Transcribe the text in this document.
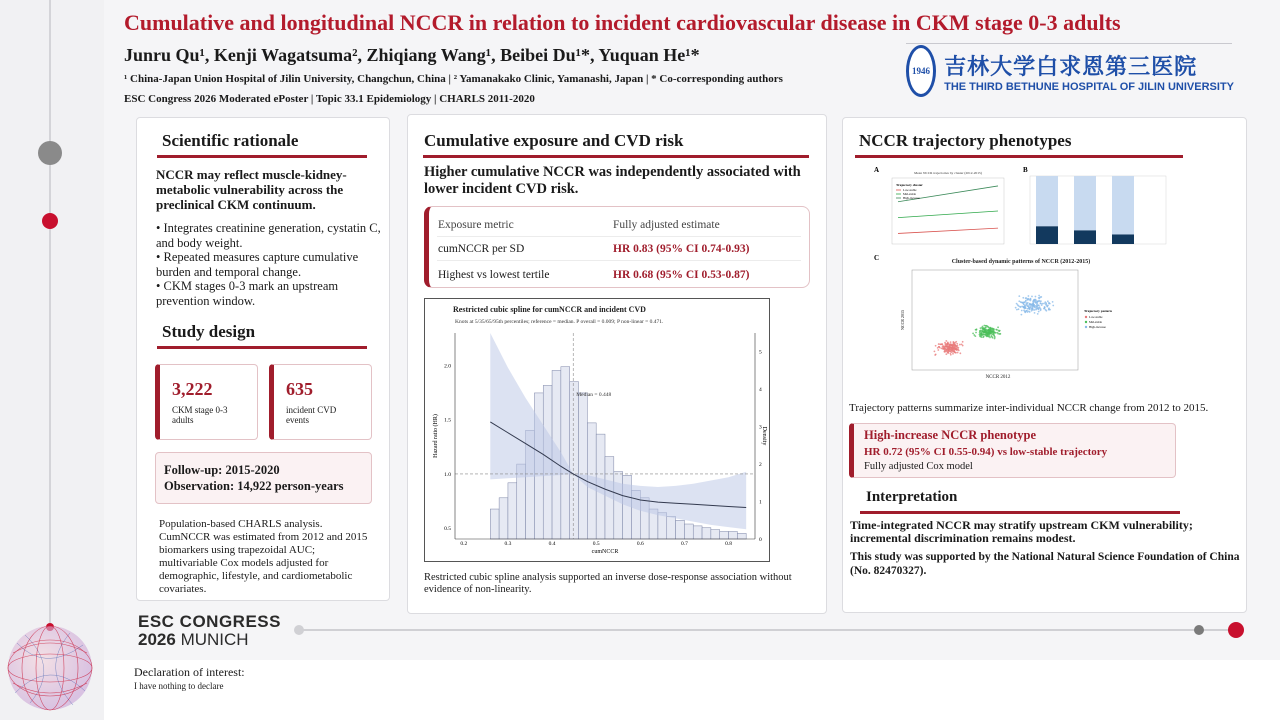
Cumulative and longitudinal NCCR in relation to incident cardiovascular disease in CKM stage 0-3 adults
Junru Qu¹, Kenji Wagatsuma², Zhiqiang Wang¹, Beibei Du¹*, Yuquan He¹*
¹ China-Japan Union Hospital of Jilin University, Changchun, China | ² Yamanakako Clinic, Yamanashi, Japan | * Co-corresponding authors
ESC Congress 2026 Moderated ePoster | Topic 33.1 Epidemiology | CHARLS 2011-2020
1946 吉林大学白求恩第三医院
THE THIRD BETHUNE HOSPITAL OF JILIN UNIVERSITY
Scientific rationale
NCCR may reflect muscle-kidney-metabolic vulnerability across the preclinical CKM continuum.
• Integrates creatinine generation, cystatin C, and body weight.
• Repeated measures capture cumulative burden and temporal change.
• CKM stages 0-3 mark an upstream prevention window.
Study design
3,222
CKM stage 0-3 adults
635
incident CVD events
Follow-up: 2015-2020
Observation: 14,922 person-years
Population-based CHARLS analysis. CumNCCR was estimated from 2012 and 2015 biomarkers using trapezoidal AUC; multivariable Cox models adjusted for demographic, lifestyle, and cardiometabolic covariates.
Cumulative exposure and CVD risk
Higher cumulative NCCR was independently associated with lower incident CVD risk.
Exposure metric	Fully adjusted estimate
cumNCCR per SD	HR 0.83 (95% CI 0.74-0.93)
Highest vs lowest tertile	HR 0.68 (95% CI 0.53-0.87)
Restricted cubic spline for cumNCCR and incident CVD
Knots at 5/35/65/95th percentiles; reference = median. P overall = 0.009; P non-linear = 0.471.
Median = 0.448
0.2	0.3	0.4	0.5	0.6	0.7	0.8
0.5
1.0
1.5
2.0
0
1
2
3
4
5
cumNCCR
Hazard ratio (HR)	Density
Restricted cubic spline analysis supported an inverse dose-response association without evidence of non-linearity.
NCCR trajectory phenotypes
A	Mean NCCR trajectories by cluster (2012-2015)
Trajectory cluster
Low-stable
Mid-stable
High-increase
B
C	Cluster-based dynamic patterns of NCCR (2012-2015)
NCCR 2015	Trajectory pattern
Low-stable
Mid-stable
High-increase
NCCR 2012
Trajectory patterns summarize inter-individual NCCR change from 2012 to 2015.
High-increase NCCR phenotype
HR 0.72 (95% CI 0.55-0.94) vs low-stable trajectory
Fully adjusted Cox model
Interpretation
Time-integrated NCCR may stratify upstream CKM vulnerability; incremental discrimination remains modest.
This study was supported by the National Natural Science Foundation of China (No. 82470327).
ESC CONGRESS
2026 MUNICH
Declaration of interest:
I have nothing to declare
